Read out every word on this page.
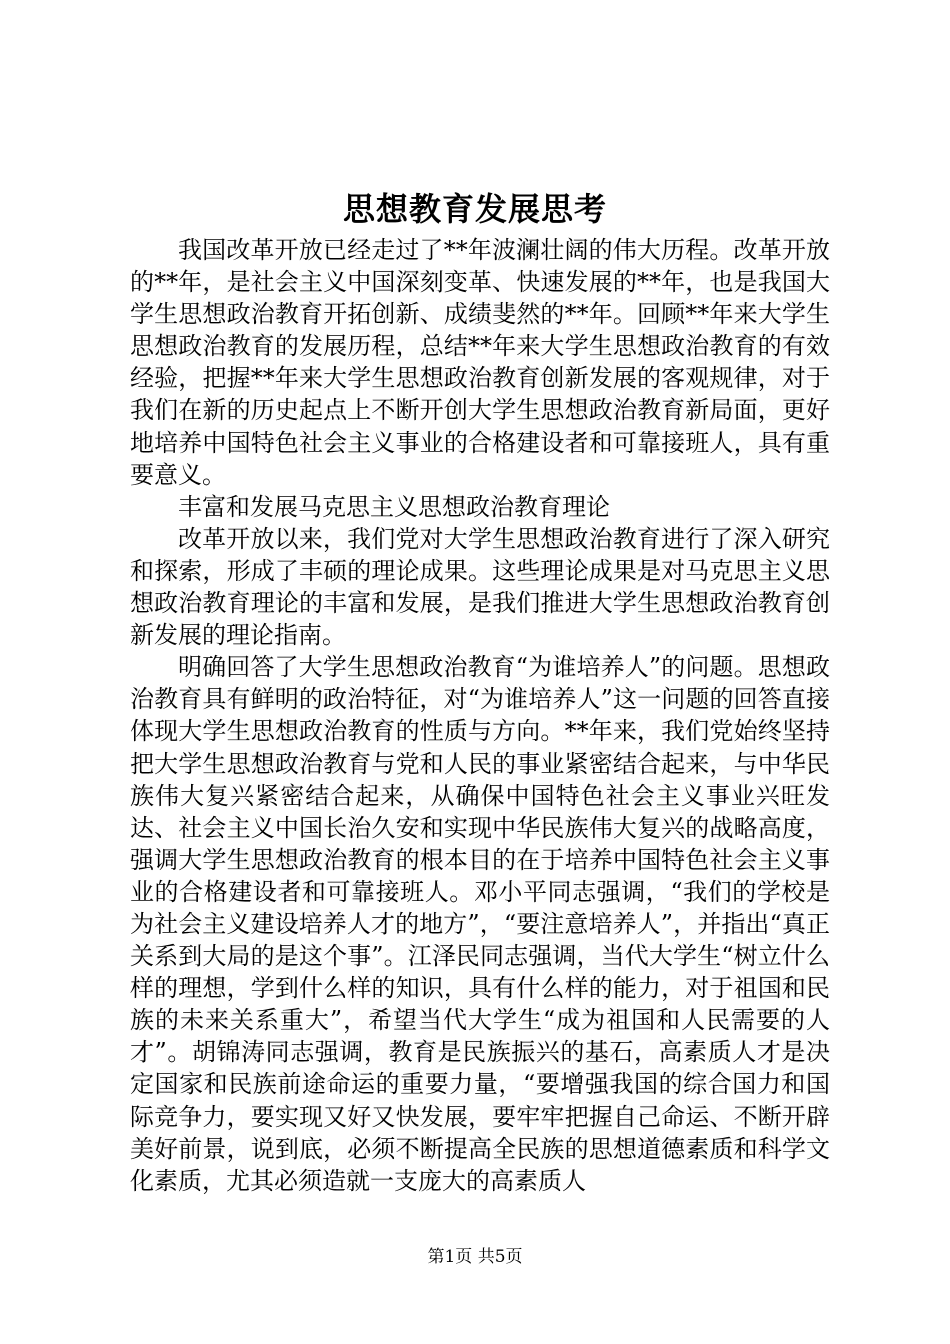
思想教育发展思考

我国改革开放已经走过了**年波澜壮阔的伟大历程。改革开放的**年，是社会主义中国深刻变革、快速发展的**年，也是我国大学生思想政治教育开拓创新、成绩斐然的**年。回顾**年来大学生思想政治教育的发展历程，总结**年来大学生思想政治教育的有效经验，把握**年来大学生思想政治教育创新发展的客观规律，对于我们在新的历史起点上不断开创大学生思想政治教育新局面，更好地培养中国特色社会主义事业的合格建设者和可靠接班人，具有重要意义。

丰富和发展马克思主义思想政治教育理论

改革开放以来，我们党对大学生思想政治教育进行了深入研究和探索，形成了丰硕的理论成果。这些理论成果是对马克思主义思想政治教育理论的丰富和发展，是我们推进大学生思想政治教育创新发展的理论指南。

明确回答了大学生思想政治教育“为谁培养人”的问题。思想政治教育具有鲜明的政治特征，对“为谁培养人”这一问题的回答直接体现大学生思想政治教育的性质与方向。**年来，我们党始终坚持把大学生思想政治教育与党和人民的事业紧密结合起来，与中华民族伟大复兴紧密结合起来，从确保中国特色社会主义事业兴旺发达、社会主义中国长治久安和实现中华民族伟大复兴的战略高度，强调大学生思想政治教育的根本目的在于培养中国特色社会主义事业的合格建设者和可靠接班人。邓小平同志强调，“我们的学校是为社会主义建设培养人才的地方”，“要注意培养人”，并指出“真正关系到大局的是这个事”。江泽民同志强调，当代大学生“树立什么样的理想，学到什么样的知识，具有什么样的能力，对于祖国和民族的未来关系重大”，希望当代大学生“成为祖国和人民需要的人才”。胡锦涛同志强调，教育是民族振兴的基石，高素质人才是决定国家和民族前途命运的重要力量，“要增强我国的综合国力和国际竞争力，要实现又好又快发展，要牢牢把握自己命运、不断开辟美好前景，说到底，必须不断提高全民族的思想道德素质和科学文化素质，尤其必须造就一支庞大的高素质人

第1页 共5页
